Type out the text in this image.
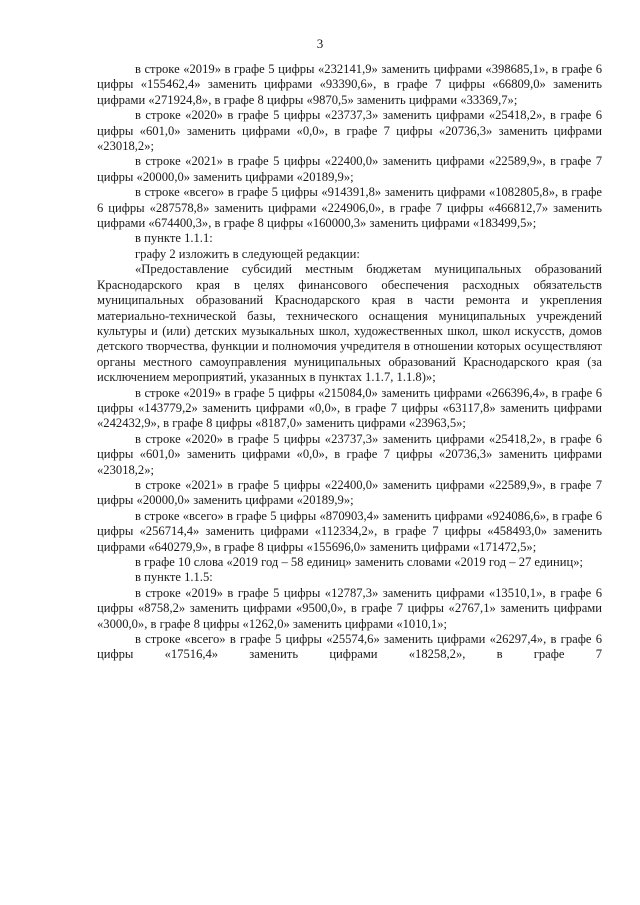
3

в строке «2019» в графе 5 цифры «232141,9» заменить цифрами «398685,1», в графе 6 цифры «155462,4» заменить цифрами «93390,6», в графе 7 цифры «66809,0» заменить цифрами «271924,8», в графе 8 цифры «9870,5» заменить цифрами «33369,7»;

в строке «2020» в графе 5 цифры «23737,3» заменить цифрами «25418,2», в графе 6 цифры «601,0» заменить цифрами «0,0», в графе 7 цифры «20736,3» заменить цифрами «23018,2»;

в строке «2021» в графе 5 цифры «22400,0» заменить цифрами «22589,9», в графе 7 цифры «20000,0» заменить цифрами «20189,9»;

в строке «всего» в графе 5 цифры «914391,8» заменить цифрами «1082805,8», в графе 6 цифры «287578,8» заменить цифрами «224906,0», в графе 7 цифры «466812,7» заменить цифрами «674400,3», в графе 8 цифры «160000,3» заменить цифрами «183499,5»;

в пункте 1.1.1:

графу 2 изложить в следующей редакции:

«Предоставление субсидий местным бюджетам муниципальных образований Краснодарского края в целях финансового обеспечения расходных обязательств муниципальных образований Краснодарского края в части ремонта и укрепления материально-технической базы, технического оснащения муниципальных учреждений культуры и (или) детских музыкальных школ, художественных школ, школ искусств, домов детского творчества, функции и полномочия учредителя в отношении которых осуществляют органы местного самоуправления муниципальных образований Краснодарского края (за исключением мероприятий, указанных в пунктах 1.1.7, 1.1.8)»;

в строке «2019» в графе 5 цифры «215084,0» заменить цифрами «266396,4», в графе 6 цифры «143779,2» заменить цифрами «0,0», в графе 7 цифры «63117,8» заменить цифрами «242432,9», в графе 8 цифры «8187,0» заменить цифрами «23963,5»;

в строке «2020» в графе 5 цифры «23737,3» заменить цифрами «25418,2», в графе 6 цифры «601,0» заменить цифрами «0,0», в графе 7 цифры «20736,3» заменить цифрами «23018,2»;

в строке «2021» в графе 5 цифры «22400,0» заменить цифрами «22589,9», в графе 7 цифры «20000,0» заменить цифрами «20189,9»;

в строке «всего» в графе 5 цифры «870903,4» заменить цифрами «924086,6», в графе 6 цифры «256714,4» заменить цифрами «112334,2», в графе 7 цифры «458493,0» заменить цифрами «640279,9», в графе 8 цифры «155696,0» заменить цифрами «171472,5»;

в графе 10 слова «2019 год – 58 единиц» заменить словами «2019 год – 27 единиц»;

в пункте 1.1.5:

в строке «2019» в графе 5 цифры «12787,3» заменить цифрами «13510,1», в графе 6 цифры «8758,2» заменить цифрами «9500,0», в графе 7 цифры «2767,1» заменить цифрами «3000,0», в графе 8 цифры «1262,0» заменить цифрами «1010,1»;

в строке «всего» в графе 5 цифры «25574,6» заменить цифрами «26297,4», в графе 6 цифры «17516,4» заменить цифрами «18258,2», в графе 7
